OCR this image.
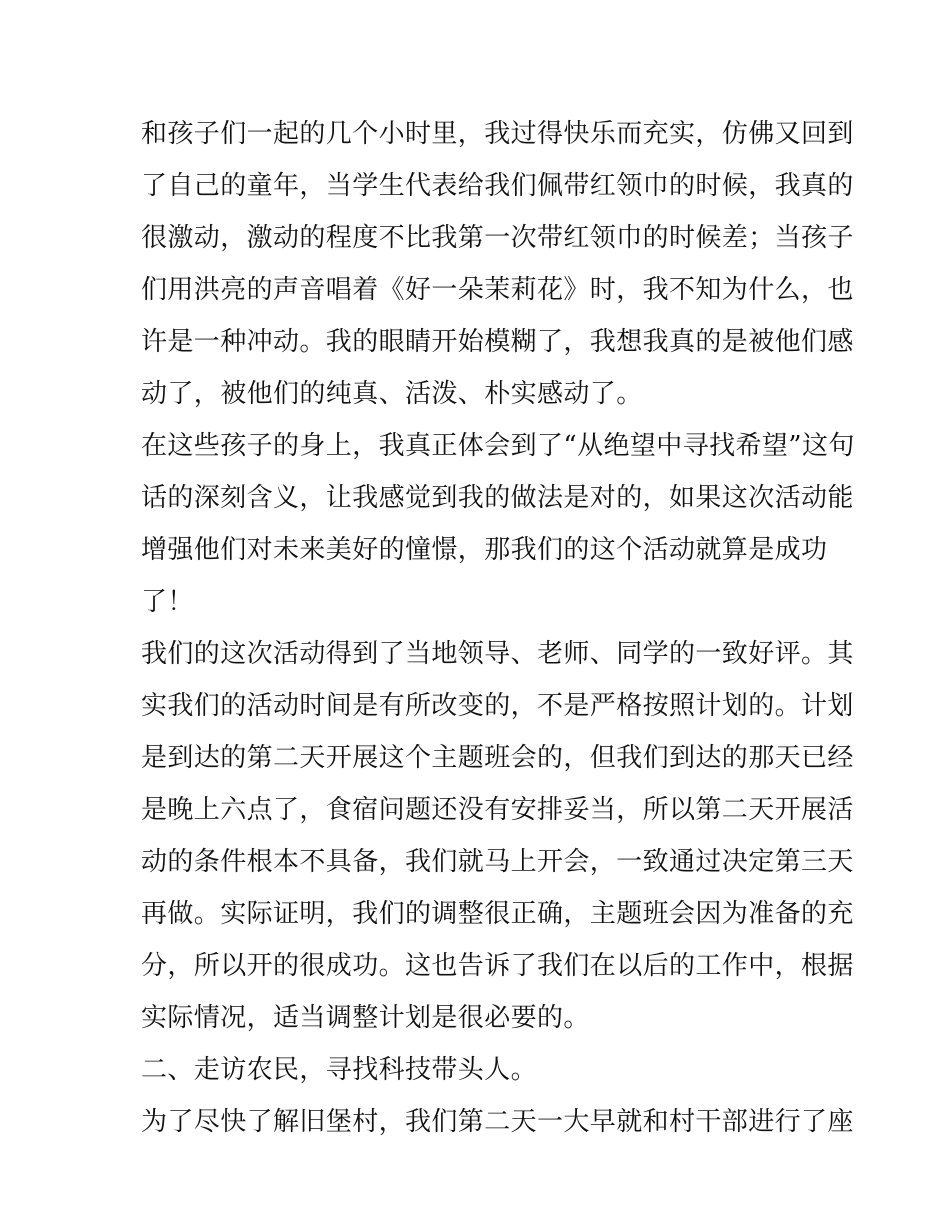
和孩子们一起的几个小时里，我过得快乐而充实，仿佛又回到
了自己的童年，当学生代表给我们佩带红领巾的时候，我真的
很激动，激动的程度不比我第一次带红领巾的时候差；当孩子
们用洪亮的声音唱着《好一朵茉莉花》时，我不知为什么，也
许是一种冲动。我的眼睛开始模糊了，我想我真的是被他们感
动了，被他们的纯真、活泼、朴实感动了。
在这些孩子的身上，我真正体会到了“从绝望中寻找希望”这句
话的深刻含义，让我感觉到我的做法是对的，如果这次活动能
增强他们对未来美好的憧憬，那我们的这个活动就算是成功
了！
我们的这次活动得到了当地领导、老师、同学的一致好评。其
实我们的活动时间是有所改变的，不是严格按照计划的。计划
是到达的第二天开展这个主题班会的，但我们到达的那天已经
是晚上六点了，食宿问题还没有安排妥当，所以第二天开展活
动的条件根本不具备，我们就马上开会，一致通过决定第三天
再做。实际证明，我们的调整很正确，主题班会因为准备的充
分，所以开的很成功。这也告诉了我们在以后的工作中，根据
实际情况，适当调整计划是很必要的。
二、走访农民，寻找科技带头人。
为了尽快了解旧堡村，我们第二天一大早就和村干部进行了座
